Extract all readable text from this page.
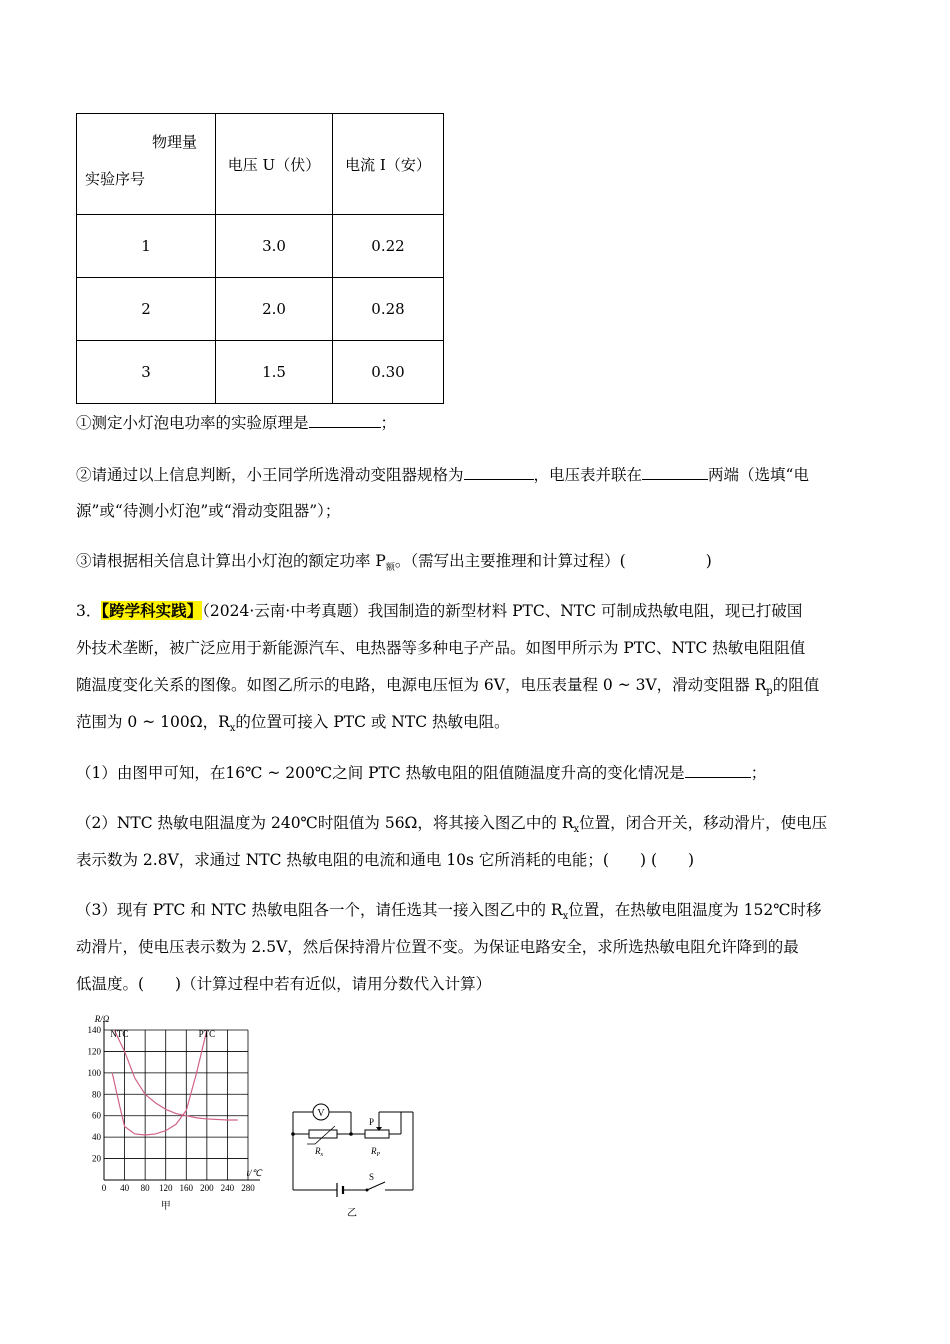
物理量
实验序号	电压 U（伏）	电流 I（安）
1	3.0	0.22
2	2.0	0.28
3	1.5	0.30
①测定小灯泡电功率的实验原理是	；
②请通过以上信息判断，小王同学所选滑动变阻器规格为	，电压表并联在	两端（选填“电
源”或“待测小灯泡”或“滑动变阻器”）；
③请根据相关信息计算出小灯泡的额定功率 $P_额$。（需写出主要推理和计算过程）(	)
3．【跨学科实践】（2024·云南·中考真题）我国制造的新型材料 PTC、NTC 可制成热敏电阻，现已打破国
外技术垄断，被广泛应用于新能源汽车、电热器等多种电子产品。如图甲所示为 PTC、NTC 热敏电阻阻值
随温度变化关系的图像。如图乙所示的电路，电源电压恒为 6V，电压表量程 0 ~ 3V，滑动变阻器 $R_p$的阻值
范围为 0 ~ 100Ω，$R_x$的位置可接入 PTC 或 NTC 热敏电阻。
（1）由图甲可知，在16℃ ~ 200℃之间 PTC 热敏电阻的阻值随温度升高的变化情况是	；
（2）NTC 热敏电阻温度为 240℃时阻值为 56Ω，将其接入图乙中的 $R_x$位置，闭合开关，移动滑片，使电压
表示数为 2.8V，求通过 NTC 热敏电阻的电流和通电 10s 它所消耗的电能；(　　) (　　)
（3）现有 PTC 和 NTC 热敏电阻各一个，请任选其一接入图乙中的 $R_x$位置，在热敏电阻温度为 152℃时移
动滑片，使电压表示数为 2.5V，然后保持滑片位置不变。为保证电路安全，求所选热敏电阻允许降到的最
低温度。(　　)（计算过程中若有近似，请用分数代入计算）
0 40 80 120 160 200 240 280
20
40
60
80
100
120
140
R/Ω
t/℃
NTC	PTC
甲
V
$R_x$
P
$R_P$
S
乙
